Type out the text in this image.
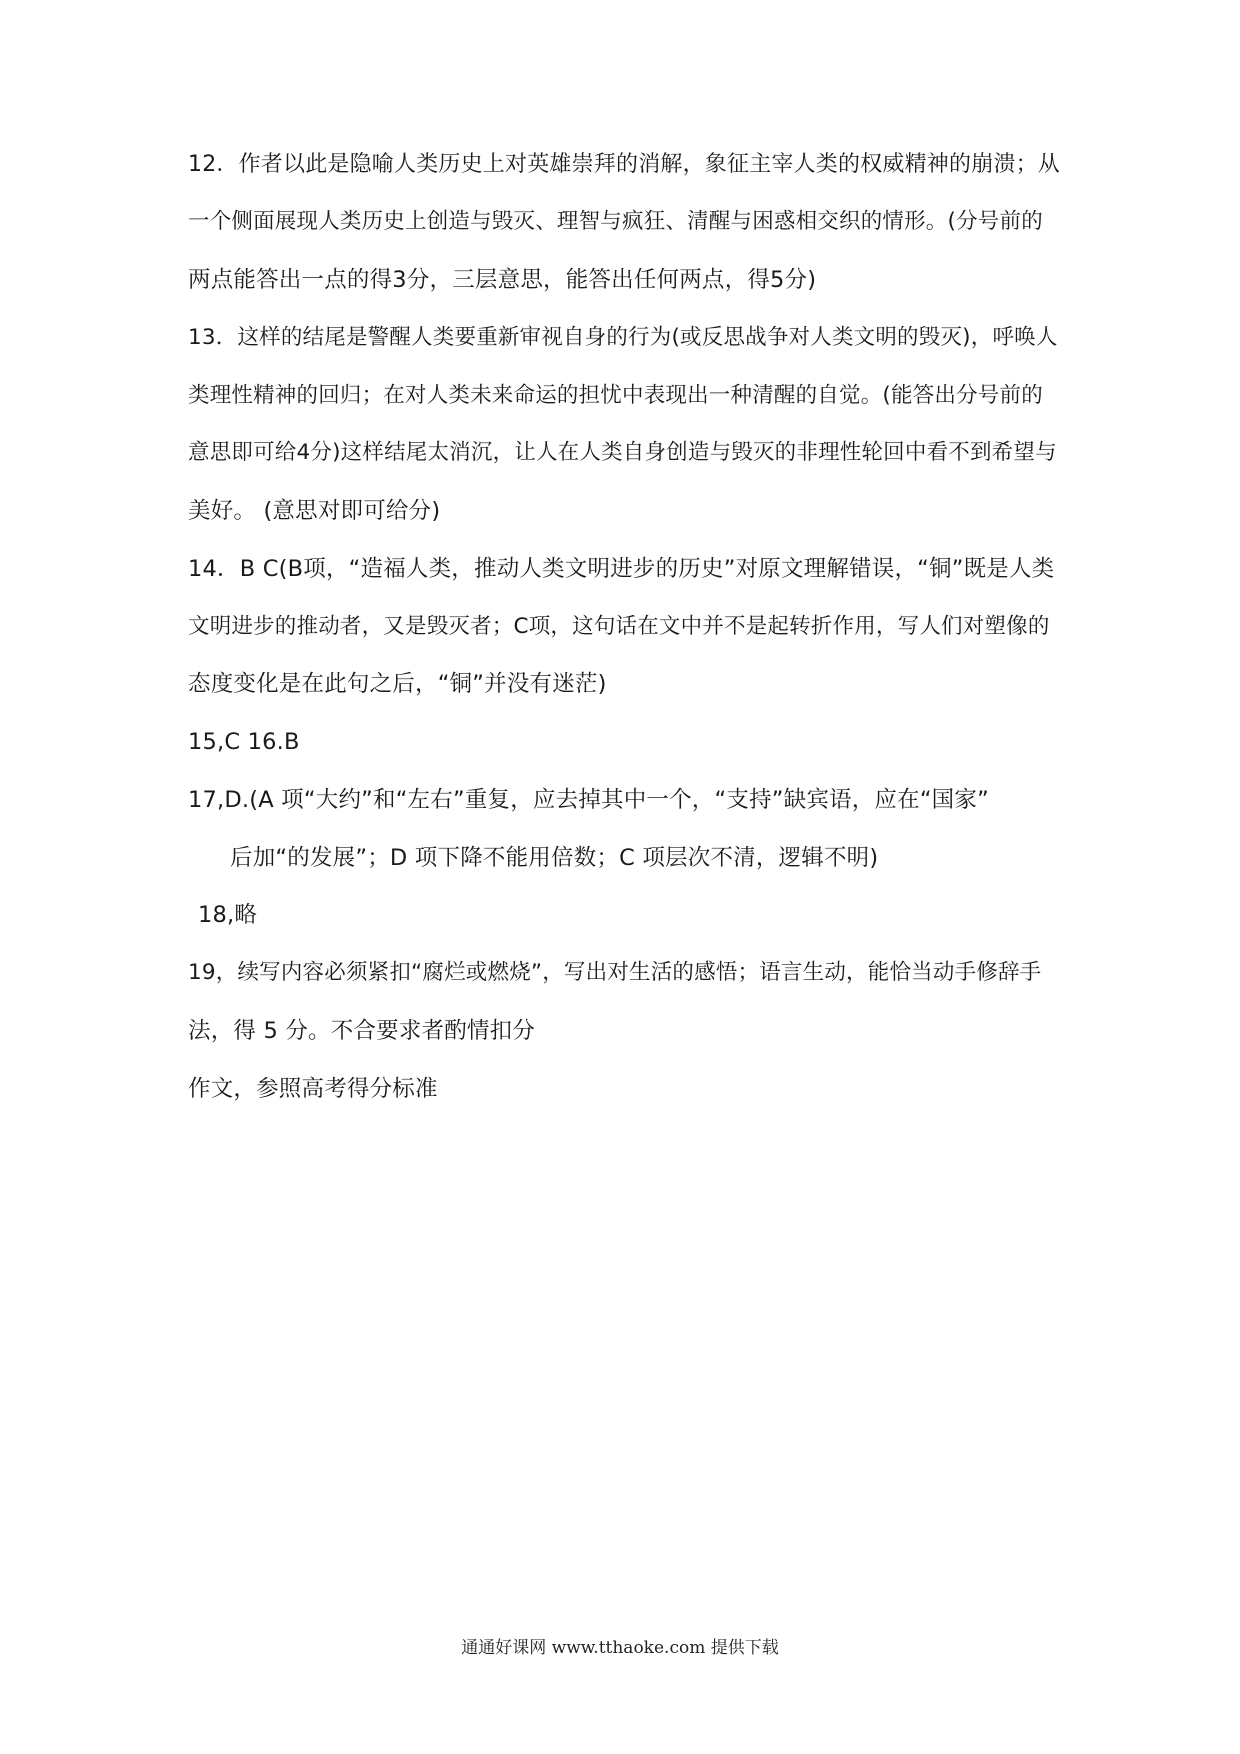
12．作者以此是隐喻人类历史上对英雄崇拜的消解，象征主宰人类的权威精神的崩溃；从
一个侧面展现人类历史上创造与毁灭、理智与疯狂、清醒与困惑相交织的情形。(分号前的
两点能答出一点的得3分，三层意思，能答出任何两点，得5分)
13．这样的结尾是警醒人类要重新审视自身的行为(或反思战争对人类文明的毁灭)，呼唤人
类理性精神的回归；在对人类未来命运的担忧中表现出一种清醒的自觉。(能答出分号前的
意思即可给4分)这样结尾太消沉，让人在人类自身创造与毁灭的非理性轮回中看不到希望与
美好。 (意思对即可给分)
14．B C(B项，“造福人类，推动人类文明进步的历史”对原文理解错误，“铜”既是人类
文明进步的推动者，又是毁灭者；C项，这句话在文中并不是起转折作用，写人们对塑像的
态度变化是在此句之后，“铜”并没有迷茫)
15,C 16.B
17,D.(A 项“大约”和“左右”重复，应去掉其中一个，“支持”缺宾语，应在“国家”
后加“的发展”；D 项下降不能用倍数；C 项层次不清，逻辑不明)
18,略
19，续写内容必须紧扣“腐烂或燃烧”，写出对生活的感悟；语言生动，能恰当动手修辞手
法，得 5 分。不合要求者酌情扣分
作文，参照高考得分标准
通通好课网 www.tthaoke.com 提供下载
